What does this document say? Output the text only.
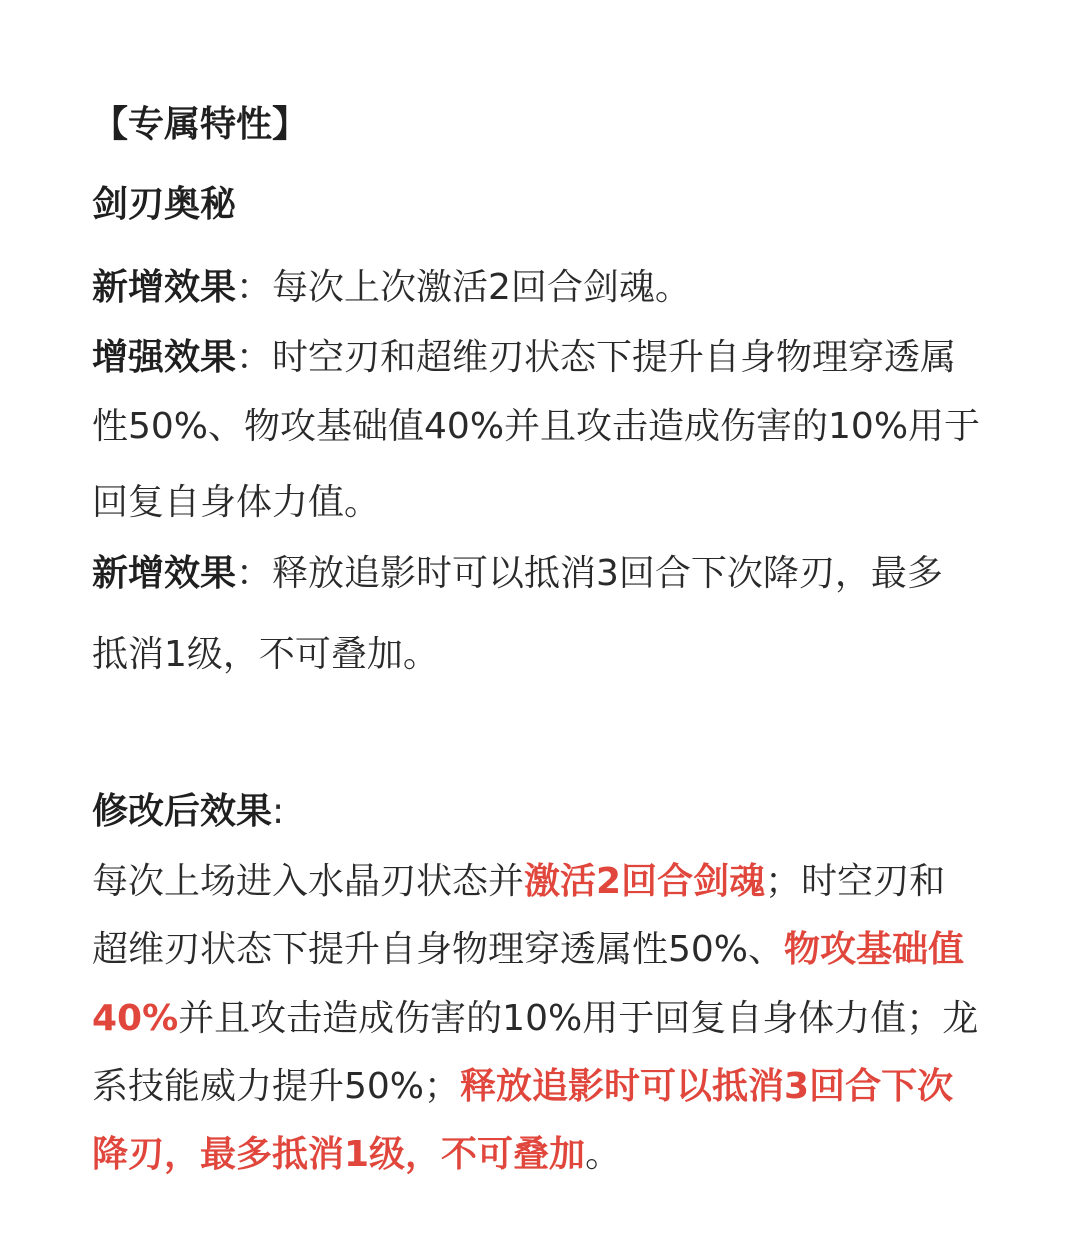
【专属特性】
剑刃奥秘
新增效果：每次上次激活2回合剑魂。
增强效果：时空刃和超维刃状态下提升自身物理穿透属
性50%、物攻基础值40%并且攻击造成伤害的10%用于
回复自身体力值。
新增效果：释放追影时可以抵消3回合下次降刃，最多
抵消1级，不可叠加。
修改后效果:
每次上场进入水晶刃状态并激活2回合剑魂；时空刃和
超维刃状态下提升自身物理穿透属性50%、物攻基础值
40%并且攻击造成伤害的10%用于回复自身体力值；龙
系技能威力提升50%；释放追影时可以抵消3回合下次
降刃，最多抵消1级，不可叠加。
